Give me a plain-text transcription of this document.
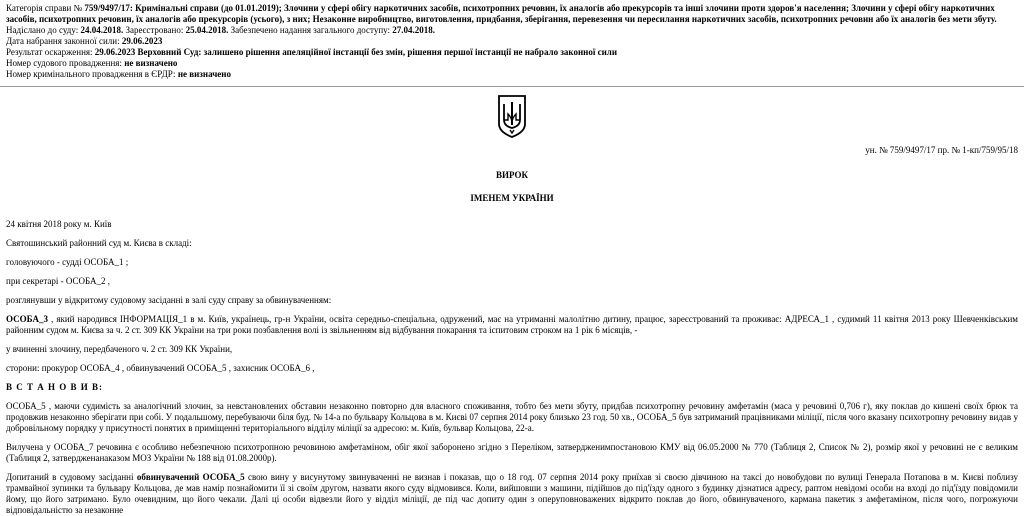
Категорія справи № 759/9497/17: Кримінальні справи (до 01.01.2019); Злочини у сфері обігу наркотичних засобів, психотропних речовин, їх аналогів або прекурсорів та інші злочини проти здоров'я населення; Злочини у сфері обігу наркотичних засобів, психотропних речовин, їх аналогів або прекурсорів (усього), з них; Незаконне виробництво, виготовлення, придбання, зберігання, перевезення чи пересилання наркотичних засобів, психотропних речовин або їх аналогів без мети збуту.
Надіслано до суду: 24.04.2018. Зареєстровано: 25.04.2018. Забезпечено надання загального доступу: 27.04.2018.
Дата набрання законної сили: 29.06.2023
Результат оскарження: 29.06.2023 Верховний Суд: залишено рішення апеляційної інстанції без змін, рішення першої інстанції не набрало законної сили
Номер судового провадження: не визначено
Номер кримінального провадження в ЄРДР: не визначено
ун. № 759/9497/17 пр. № 1-кп/759/95/18
ВИРОК
ІМЕНЕМ УКРАЇНИ
24 квітня 2018 року м. Київ
Святошинський районний суд м. Києва в складі:
головуючого - судді ОСОБА_1 ;
при секретарі - ОСОБА_2 ,
розглянувши у відкритому судовому засіданні в залі суду справу за обвинуваченням:
ОСОБА_3 , який народився ІНФОРМАЦІЯ_1 в м. Київ, українець, гр-н України, освіта середньо-спеціальна, одружений, має на утриманні малолітню дитину, працює, зареєстрований та проживає: АДРЕСА_1 , судимий 11 квітня 2013 року Шевченківським районним судом м. Києва за ч. 2 ст. 309 КК України на три роки позбавлення волі із звільненням від відбування покарання та іспитовим строком на 1 рік 6 місяців, -
у вчиненні злочину, передбаченого ч. 2 ст. 309 КК України,
сторони: прокурор ОСОБА_4 , обвинувачений ОСОБА_5 , захисник ОСОБА_6 ,
В С Т А Н О В И В:
ОСОБА_5 , маючи судимість за аналогічний злочин, за невстановлених обставин незаконно повторно для власного споживання, тобто без мети збуту, придбав психотропну речовину амфетамін (маса у речовині 0,706 г), яку поклав до кишені своїх брюк та продовжив незаконно зберігати при собі. У подальшому, перебуваючи біля буд. № 14-а по бульвару Кольцова в м. Києві 07 серпня 2014 року близько 23 год. 50 хв., ОСОБА_5 був затриманий працівниками міліції, після чого вказану психотропну речовину видав у добровільному порядку у присутності понятих в приміщенні територіального відділу міліції за адресою: м. Київ, бульвар Кольцова, 22-а.
Вилучена у ОСОБА_7 речовина є особливо небезпечною психотропною речовиною амфетаміном, обіг якої заборонено згідно з Переліком, затвердженимпостановою КМУ від 06.05.2000 № 770 (Таблиця 2, Список № 2), розмір якої у речовині не є великим (Таблиця 2, затвердженанаказом МОЗ України № 188 від 01.08.2000р).
Допитаний в судовому засіданні обвинувачений ОСОБА_5 свою вину у висунутому звинуваченні не визнав і показав, що о 18 год. 07 серпня 2014 року приїхав зі своєю дівчиною на таксі до новобудови по вулиці Генерала Потапова в м. Києві поблизу трамвайної зупинки та бульвару Кольцова, де мав намір познайомити її зі своїм другом, назвати якого суду відмовився. Коли, вийшовши з машини, підійшов до під'їзду одного з будинку дізнатися адресу, раптом невідомі особи на вході до під'їзду повідомили йому, що його затримано. Було очевидним, що його чекали. Далі ці особи відвезли його у відділ міліції, де під час допиту один з оперуповноважених відкрито поклав до його, обвинуваченого, кармана пакетик з амфетаміном, після чого, погрожуючи відповідальністю за незаконне
